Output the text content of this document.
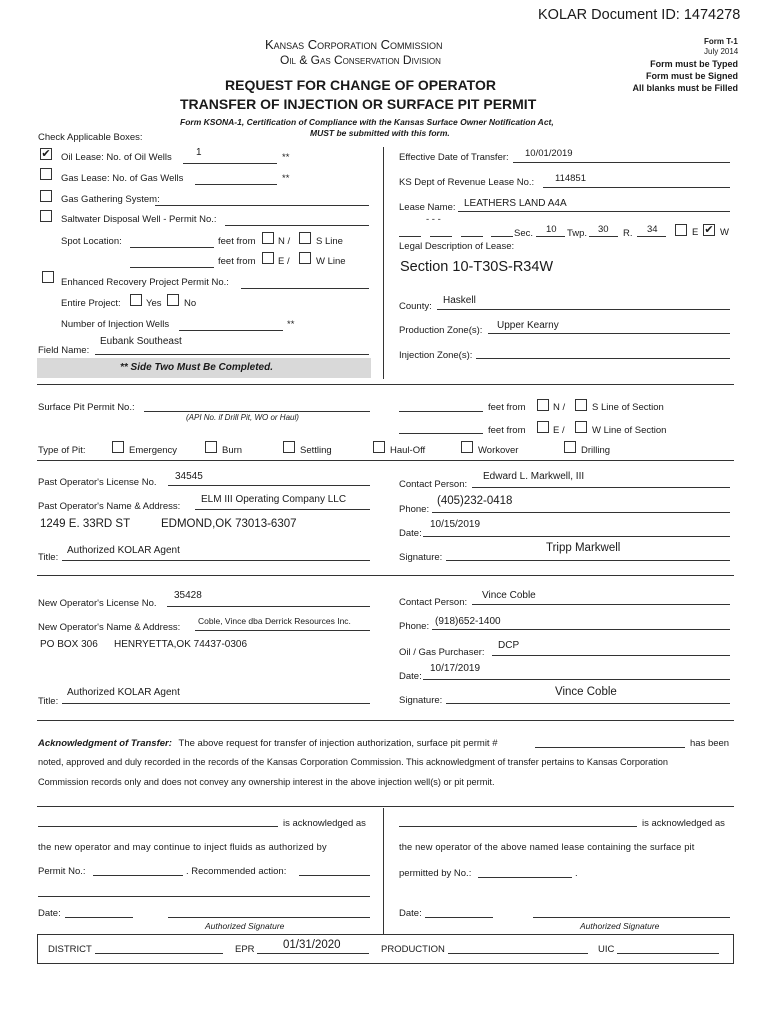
KOLAR Document ID: 1474278
Kansas Corporation Commission
Oil & Gas Conservation Division
Form T-1
July 2014
Form must be Typed
Form must be Signed
All blanks must be Filled
REQUEST FOR CHANGE OF OPERATOR
TRANSFER OF INJECTION OR SURFACE PIT PERMIT
Form KSONA-1, Certification of Compliance with the Kansas Surface Owner Notification Act,
MUST be submitted with this form.
Check Applicable Boxes:
✔ Oil Lease: No. of Oil Wells 1	**
Gas Lease: No. of Gas Wells	**
Gas Gathering System:
Saltwater Disposal Well - Permit No.:
Spot Location:	feet from N /	S Line
feet from E /	W Line
Enhanced Recovery Project Permit No.:
Entire Project:	Yes No
Number of Injection Wells	**
Field Name:
Eubank Southeast
** Side Two Must Be Completed.
Effective Date of Transfer: 10/01/2019
KS Dept of Revenue Lease No.: 114851
Lease Name: LEATHERS LAND A4A
- - -
Sec. 10 Twp. 30 R. 34	E ✔ W
Legal Description of Lease:
Section 10-T30S-R34W
County:
Haskell
Production Zone(s): Upper Kearny
Injection Zone(s):
Surface Pit Permit No.:
(API No. if Drill Pit, WO or Haul)
feet from	N /	S Line of Section
feet from	E /	W Line of Section
Type of Pit:	Emergency	Burn	Settling	Haul-Off	Workover	Drilling
Past Operator's License No.
34545
Past Operator's Name & Address:
ELM III Operating Company LLC
1249 E. 33RD ST	EDMOND,OK 73013-6307
Title:
Authorized KOLAR Agent
Contact Person:
Edward L. Markwell, III
Phone:
(405)232-0418
Date:
10/15/2019
Signature:
Tripp Markwell
New Operator's License No.
35428
New Operator's Name & Address:
Coble, Vince dba Derrick Resources Inc.
PO BOX 306 HENRYETTA,OK 74437-0306
Title:
Authorized KOLAR Agent
Contact Person:
Vince Coble
Phone: (918)652-1400
Oil / Gas Purchaser:
DCP
Date:
10/17/2019
Signature:
Vince Coble
Acknowledgment of Transfer: The above request for transfer of injection authorization, surface pit permit #	has been
noted, approved and duly recorded in the records of the Kansas Corporation Commission. This acknowledgment of transfer pertains to Kansas Corporation
Commission records only and does not convey any ownership interest in the above injection well(s) or pit permit.
is acknowledged as
the new operator and may continue to inject fluids as authorized by
Permit No.:	. Recommended action:
Date:
Authorized Signature
is acknowledged as
the new operator of the above named lease containing the surface pit
permitted by No.:	.
Date:
Authorized Signature
DISTRICT	EPR 01/31/2020	PRODUCTION	UIC
